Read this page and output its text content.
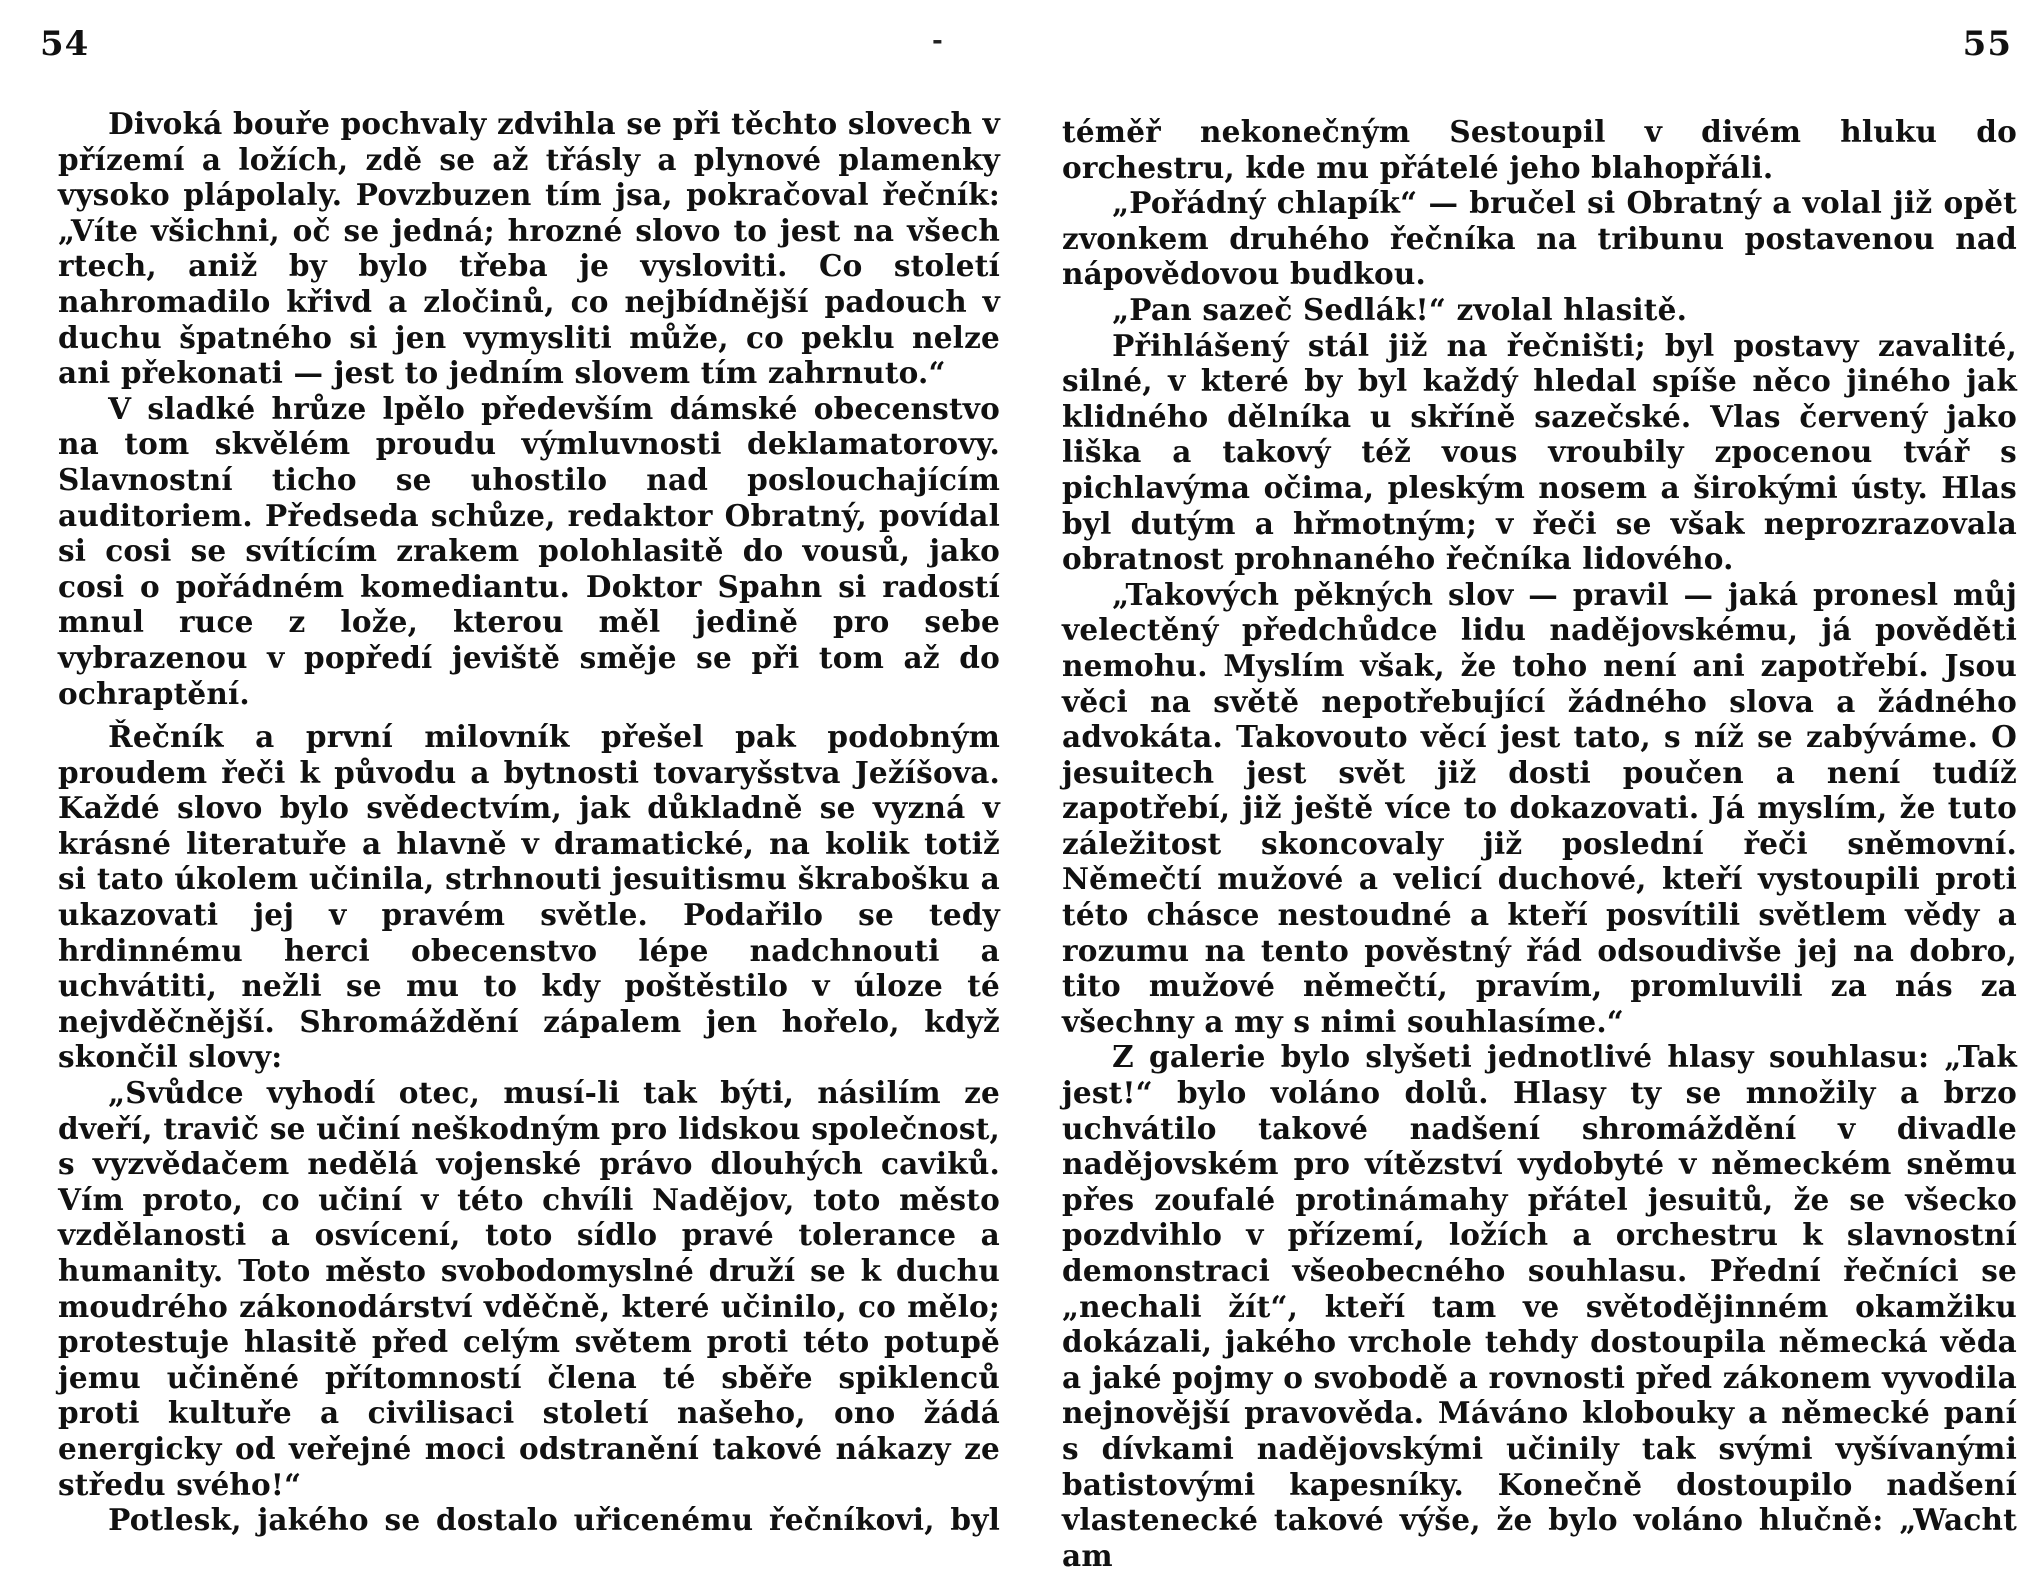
54	-

Divoká bouře pochvaly zdvihla se při těchto slovech v přízemí a ložích, zdě se až třásly a plynové plamenky vysoko plápolaly. Povzbuzen tím jsa, pokračoval řečník: „Víte všichni, oč se jedná; hrozné slovo to jest na všech rtech, aniž by bylo třeba je vysloviti. Co století nahromadilo křivd a zločinů, co nejbídnější padouch v duchu špatného si jen vymysliti může, co peklu nelze ani překonati — jest to jedním slovem tím zahrnuto.“

V sladké hrůze lpělo především dámské obecenstvo na tom skvělém proudu výmluvnosti deklamatorovy. Slavnostní ticho se uhostilo nad poslouchajícím auditoriem. Předseda schůze, redaktor Obratný, povídal si cosi se svítícím zrakem polohlasitě do vousů, jako cosi o pořádném komediantu. Doktor Spahn si radostí mnul ruce z lože, kterou měl jedině pro sebe vybrazenou v popředí jeviště směje se při tom až do ochraptění.

Řečník a první milovník přešel pak podobným proudem řeči k původu a bytnosti tovaryšstva Ježíšova. Každé slovo bylo svědectvím, jak důkladně se vyzná v krásné literatuře a hlavně v dramatické, na kolik totiž si tato úkolem učinila, strhnouti jesuitismu škrabošku a ukazovati jej v pravém světle. Podařilo se tedy hrdinnému herci obecenstvo lépe nadchnouti a uchvátiti, nežli se mu to kdy poštěstilo v úloze té nejvděčnější. Shromáždění zápalem jen hořelo, když skončil slovy:

„Svůdce vyhodí otec, musí-li tak býti, násilím ze dveří, travič se učiní neškodným pro lidskou společnost, s vyzvědačem nedělá vojenské právo dlouhých caviků. Vím proto, co učiní v této chvíli Nadějov, toto město vzdělanosti a osvícení, toto sídlo pravé tolerance a humanity. Toto město svobodomyslné druží se k duchu moudrého zákonodárství vděčně, které učinilo, co mělo; protestuje hlasitě před celým světem proti této potupě jemu učiněné přítomností člena té sběře spiklenců proti kultuře a civilisaci století našeho, ono žádá energicky od veřejné moci odstranění takové nákazy ze středu svého!“

Potlesk, jakého se dostalo uřicenému řečníkovi, byl

55

téměř nekonečným Sestoupil v divém hluku do orchestru, kde mu přátelé jeho blahopřáli.

„Pořádný chlapík“ — bručel si Obratný a volal již opět zvonkem druhého řečníka na tribunu postavenou nad nápovědovou budkou.

„Pan sazeč Sedlák!“ zvolal hlasitě.

Přihlášený stál již na řečništi; byl postavy zavalité, silné, v které by byl každý hledal spíše něco jiného jak klidného dělníka u skříně sazečské. Vlas červený jako liška a takový též vous vroubily zpocenou tvář s pichlavýma očima, pleským nosem a širokými ústy. Hlas byl dutým a hřmotným; v řeči se však neprozrazovala obratnost prohnaného řečníka lidového.

„Takových pěkných slov — pravil — jaká pronesl můj velectěný předchůdce lidu nadějovskému, já pověděti nemohu. Myslím však, že toho není ani zapotřebí. Jsou věci na světě nepotřebující žádného slova a žádného advokáta. Takovouto věcí jest tato, s níž se zabýváme. O jesuitech jest svět již dosti poučen a není tudíž zapotřebí, již ještě více to dokazovati. Já myslím, že tuto záležitost skoncovaly již poslední řeči sněmovní. Němečtí mužové a velicí duchové, kteří vystoupili proti této chásce nestoudné a kteří posvítili světlem vědy a rozumu na tento pověstný řád odsoudivše jej na dobro, tito mužové němečtí, pravím, promluvili za nás za všechny a my s nimi souhlasíme.“

Z galerie bylo slyšeti jednotlivé hlasy souhlasu: „Tak jest!“ bylo voláno dolů. Hlasy ty se množily a brzo uchvátilo takové nadšení shromáždění v divadle nadějovském pro vítězství vydobyté v německém sněmu přes zoufalé protinámahy přátel jesuitů, že se všecko pozdvihlo v přízemí, ložích a orchestru k slavnostní demonstraci všeobecného souhlasu. Přední řečníci se „nechali žít“, kteří tam ve světodějinném okamžiku dokázali, jakého vrchole tehdy dostoupila německá věda a jaké pojmy o svobodě a rovnosti před zákonem vyvodila nejnovější pravověda. Máváno klobouky a německé paní s dívkami nadějovskými učinily tak svými vyšívanými batistovými kapesníky. Konečně dostoupilo nadšení vlastenecké takové výše, že bylo voláno hlučně: „Wacht am
